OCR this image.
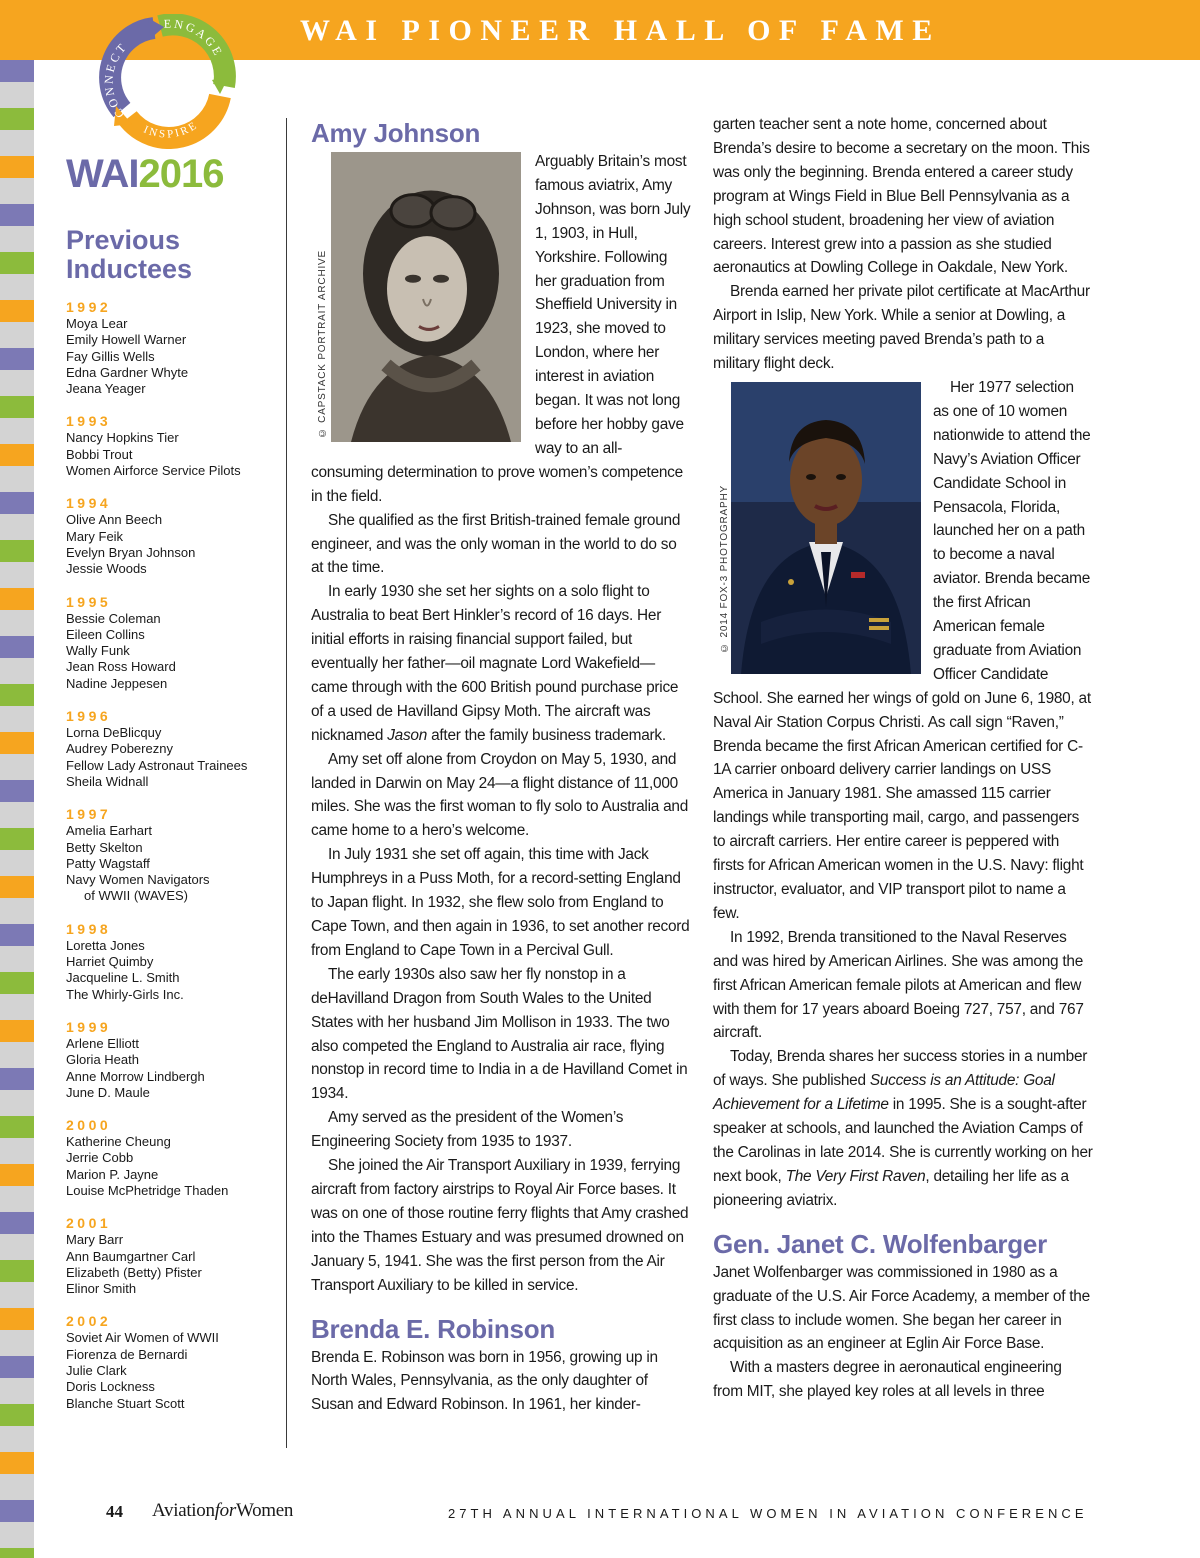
WAI PIONEER HALL OF FAME
CONNECT
ENGAGE
INSPIRE
WAI2016
Previous Inductees
1992
Moya Lear
Emily Howell Warner
Fay Gillis Wells
Edna Gardner Whyte
Jeana Yeager
1993
Nancy Hopkins Tier
Bobbi Trout
Women Airforce Service Pilots
1994
Olive Ann Beech
Mary Feik
Evelyn Bryan Johnson
Jessie Woods
1995
Bessie Coleman
Eileen Collins
Wally Funk
Jean Ross Howard
Nadine Jeppesen
1996
Lorna DeBlicquy
Audrey Poberezny
Fellow Lady Astronaut Trainees
Sheila Widnall
1997
Amelia Earhart
Betty Skelton
Patty Wagstaff
Navy Women Navigators
of WWII (WAVES)
1998
Loretta Jones
Harriet Quimby
Jacqueline L. Smith
The Whirly-Girls Inc.
1999
Arlene Elliott
Gloria Heath
Anne Morrow Lindbergh
June D. Maule
2000
Katherine Cheung
Jerrie Cobb
Marion P. Jayne
Louise McPhetridge Thaden
2001
Mary Barr
Ann Baumgartner Carl
Elizabeth (Betty) Pfister
Elinor Smith
2002
Soviet Air Women of WWII
Fiorenza de Bernardi
Julie Clark
Doris Lockness
Blanche Stuart Scott
Amy Johnson

© CAPSTACK PORTRAIT ARCHIVE
Arguably Britain’s most famous aviatrix, Amy Johnson, was born July 1, 1903, in Hull, Yorkshire. Following her graduation from Sheffield University in 1923, she moved to London, where her interest in aviation began. It was not long before her hobby gave way to an all-consuming determination to prove women’s competence in the field.

She qualified as the first British-trained female ground engineer, and was the only woman in the world to do so at the time.

In early 1930 she set her sights on a solo flight to Australia to beat Bert Hinkler’s record of 16 days. Her initial efforts in raising financial support failed, but eventually her father—oil magnate Lord Wakefield—came through with the 600 British pound purchase price of a used de Havilland Gipsy Moth. The aircraft was nicknamed Jason after the family business trademark.

Amy set off alone from Croydon on May 5, 1930, and landed in Darwin on May 24—a flight distance of 11,000 miles. She was the first woman to fly solo to Australia and came home to a hero’s welcome.

In July 1931 she set off again, this time with Jack Humphreys in a Puss Moth, for a record-setting England to Japan flight. In 1932, she flew solo from England to Cape Town, and then again in 1936, to set another record from England to Cape Town in a Percival Gull.

The early 1930s also saw her fly nonstop in a deHavilland Dragon from South Wales to the United States with her husband Jim Mollison in 1933. The two also competed the England to Australia air race, flying nonstop in record time to India in a de Havilland Comet in 1934.

Amy served as the president of the Women’s Engineering Society from 1935 to 1937.

She joined the Air Transport Auxiliary in 1939, ferrying aircraft from factory airstrips to Royal Air Force bases. It was on one of those routine ferry flights that Amy crashed into the Thames Estuary and was presumed drowned on January 5, 1941. She was the first person from the Air Transport Auxiliary to be killed in service.

Brenda E. Robinson

Brenda E. Robinson was born in 1956, growing up in North Wales, Pennsylvania, as the only daughter of Susan and Edward Robinson. In 1961, her kinder-

garten teacher sent a note home, concerned about Brenda’s desire to become a secretary on the moon. This was only the beginning. Brenda entered a career study program at Wings Field in Blue Bell Pennsylvania as a high school student, broadening her view of aviation careers. Interest grew into a passion as she studied aeronautics at Dowling College in Oakdale, New York.

Brenda earned her private pilot certificate at MacArthur Airport in Islip, New York. While a senior at Dowling, a military services meeting paved Brenda’s path to a military flight deck.

© 2014 FOX-3 PHOTOGRAPHY
Her 1977 selection as one of 10 women nationwide to attend the Navy’s Aviation Officer Candidate School in Pensacola, Florida, launched her on a path to become a naval aviator. Brenda became the first African American female graduate from Aviation Officer Candidate School. She earned her wings of gold on June 6, 1980, at Naval Air Station Corpus Christi. As call sign “Raven,” Brenda became the first African American certified for C-1A carrier onboard delivery carrier landings on USS America in January 1981. She amassed 115 carrier landings while transporting mail, cargo, and passengers to aircraft carriers. Her entire career is peppered with firsts for African American women in the U.S. Navy: flight instructor, evaluator, and VIP transport pilot to name a few.

In 1992, Brenda transitioned to the Naval Reserves and was hired by American Airlines. She was among the first African American female pilots at American and flew with them for 17 years aboard Boeing 727, 757, and 767 aircraft.

Today, Brenda shares her success stories in a number of ways. She published Success is an Attitude: Goal Achievement for a Lifetime in 1995. She is a sought-after speaker at schools, and launched the Aviation Camps of the Carolinas in late 2014. She is currently working on her next book, The Very First Raven, detailing her life as a pioneering aviatrix.

Gen. Janet C. Wolfenbarger

Janet Wolfenbarger was commissioned in 1980 as a graduate of the U.S. Air Force Academy, a member of the first class to include women. She began her career in acquisition as an engineer at Eglin Air Force Base.

With a masters degree in aeronautical engineering from MIT, she played key roles at all levels in three

44 AviationforWomen	27TH ANNUAL INTERNATIONAL WOMEN IN AVIATION CONFERENCE
